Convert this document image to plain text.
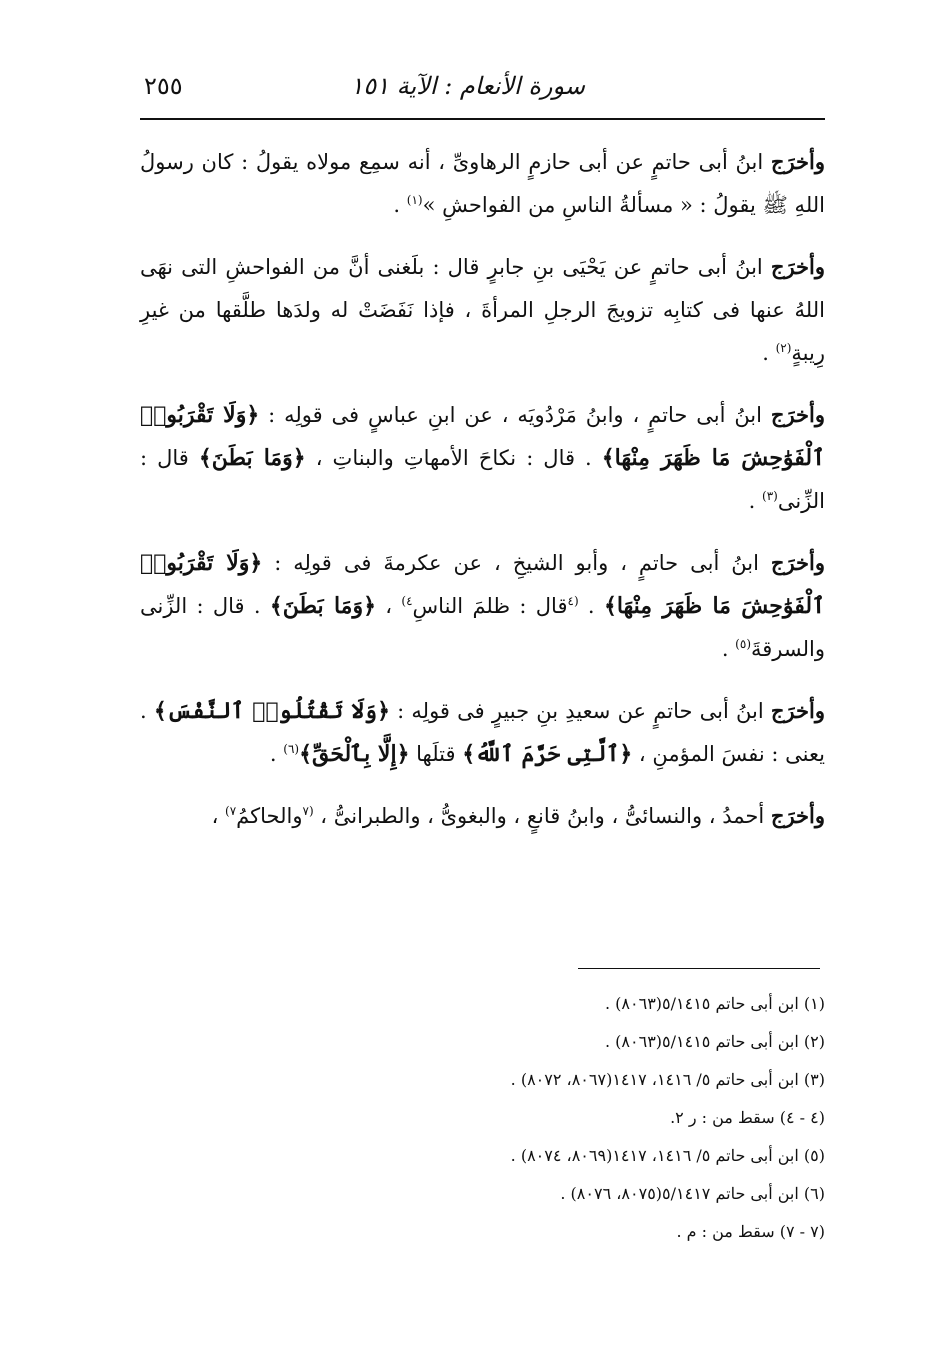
سورة الأنعام : الآية ١٥١
٢٥٥

وأخرَج ابنُ أبى حاتمٍ عن أبى حازمٍ الرهاوىِّ ، أنه سمِع مولاه يقولُ : كان رسولُ اللهِ ﷺ يقولُ : « مسألةُ الناسِ من الفواحشِ »$^{(١)}$ .

وأخرَج ابنُ أبى حاتمٍ عن يَحْيَى بنِ جابرٍ قال : بلَغنى أنَّ من الفواحشِ التى نهَى اللهُ عنها فى كتابِه تزويجَ الرجلِ المرأةَ ، فإذا نَفَضَتْ له ولدَها طلَّقها من غيرِ رِيبةٍ$^{(٢)}$ .

وأخرَج ابنُ أبى حاتمٍ ، وابنُ مَرْدُويَه ، عن ابنِ عباسٍ فى قولِه : ﴿وَلَا تَقْرَبُوا۟ ٱلْفَوَٰحِشَ مَا ظَهَرَ مِنْهَا﴾ . قال : نكاحَ الأمهاتِ والبناتِ ، ﴿وَمَا بَطَنَ﴾ قال : الزِّنى$^{(٣)}$ .

وأخرَج ابنُ أبى حاتمٍ ، وأبو الشيخِ ، عن عكرمةَ فى قولِه : ﴿وَلَا تَقْرَبُوا۟ ٱلْفَوَٰحِشَ مَا ظَهَرَ مِنْهَا﴾ . $^{(٤}$قال : ظلمَ الناسِ$^{٤)}$ ، ﴿وَمَا بَطَنَ﴾ . قال : الزِّنى والسرقةَ$^{(٥)}$ .

وأخرَج ابنُ أبى حاتمٍ عن سعيدِ بنِ جبيرٍ فى قولِه : ﴿وَلَا تَقْتُلُوا۟ ٱلنَّفْسَ﴾ . يعنى : نفسَ المؤمنِ ، ﴿ٱلَّتِى حَرَّمَ ٱللَّهُ﴾ قتلَها ﴿إِلَّا بِٱلْحَقِّ﴾$^{(٦)}$ .

وأخرَج أحمدُ ، والنسائىُّ ، وابنُ قانعٍ ، والبغوىُّ ، والطبرانىُّ ، $^{(٧}$والحاكمُ$^{٧)}$ ،

(١) ابن أبى حاتم ٥/١٤١٥(٨٠٦٣) .
(٢) ابن أبى حاتم ٥/١٤١٥(٨٠٦٣) .
(٣) ابن أبى حاتم ٥/ ١٤١٦، ١٤١٧(٨٠٦٧، ٨٠٧٢) .
(٤ - ٤) سقط من : ر ٢.
(٥) ابن أبى حاتم ٥/ ١٤١٦، ١٤١٧(٨٠٦٩، ٨٠٧٤) .
(٦) ابن أبى حاتم ٥/١٤١٧(٨٠٧٥، ٨٠٧٦) .
(٧ - ٧) سقط من : م .
